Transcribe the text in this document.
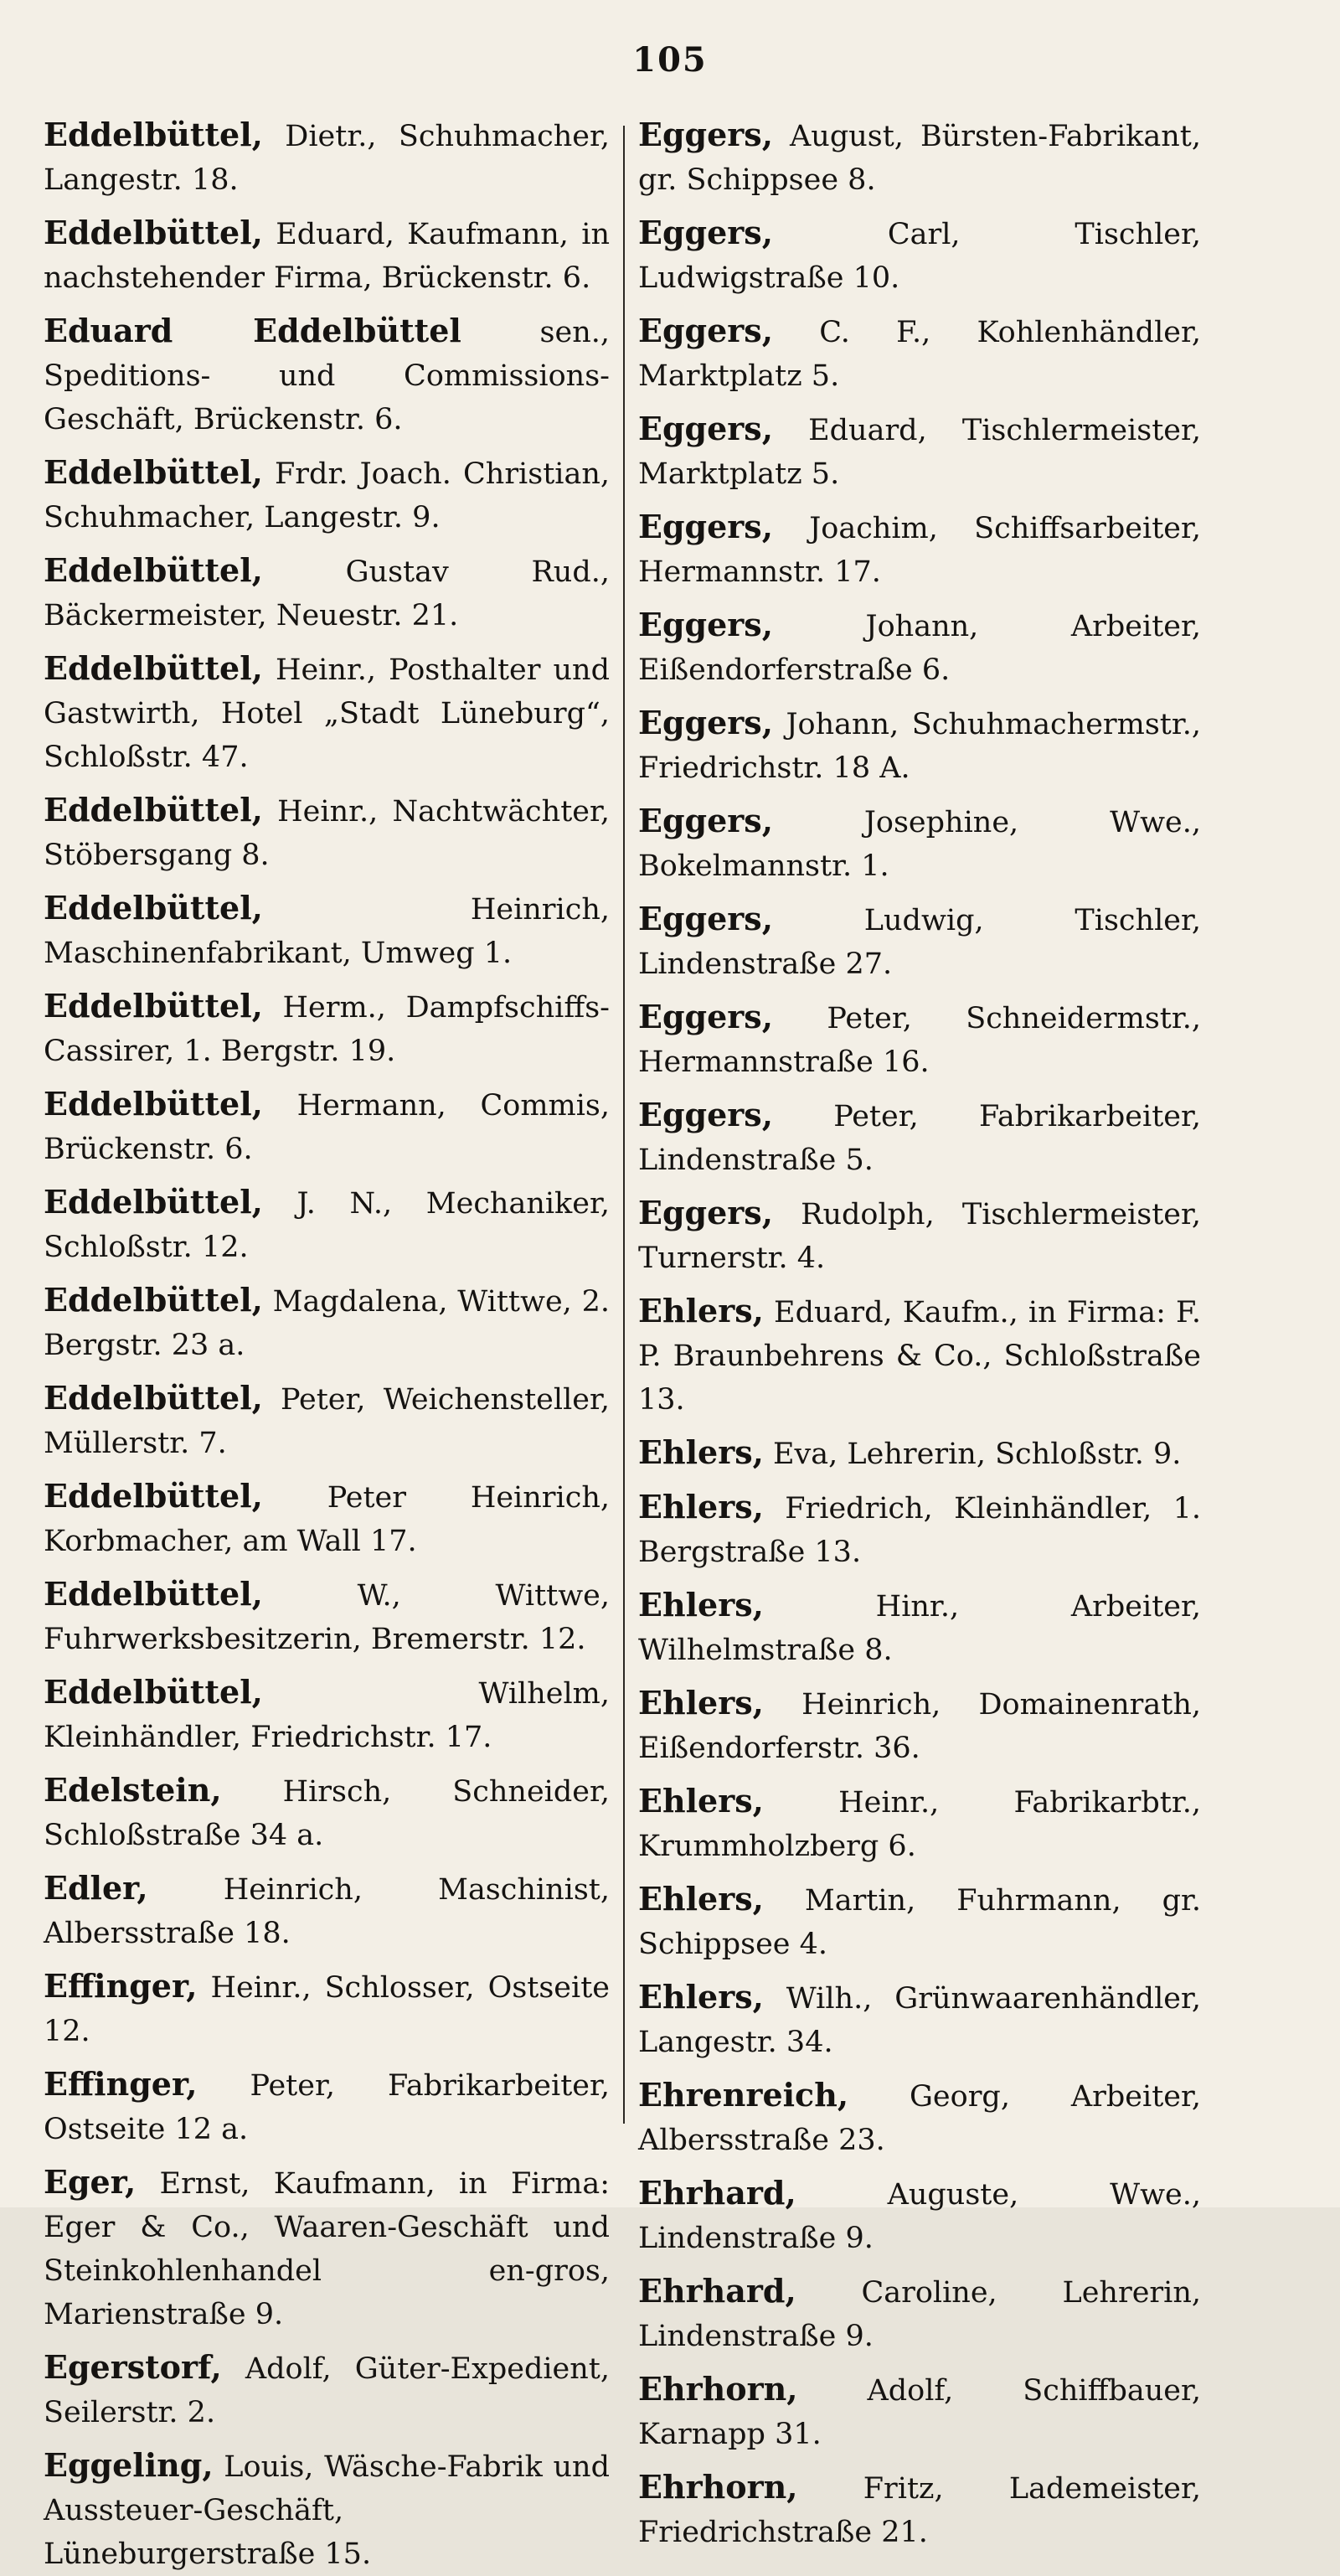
105
Eddelbüttel, Dietr., Schuhmacher, Langestr. 18.
Eddelbüttel, Eduard, Kaufmann, in nachstehender Firma, Brückenstr. 6.
Eduard Eddelbüttel sen., Speditions- und Commissions-Geschäft, Brückenstr. 6.
Eddelbüttel, Frdr. Joach. Christian, Schuhmacher, Langestr. 9.
Eddelbüttel, Gustav Rud., Bäckermeister, Neuestr. 21.
Eddelbüttel, Heinr., Posthalter und Gastwirth, Hotel „Stadt Lüneburg“, Schloßstr. 47.
Eddelbüttel, Heinr., Nachtwächter, Stöbersgang 8.
Eddelbüttel, Heinrich, Maschinenfabrikant, Umweg 1.
Eddelbüttel, Herm., Dampfschiffs-Cassirer, 1. Bergstr. 19.
Eddelbüttel, Hermann, Commis, Brückenstr. 6.
Eddelbüttel, J. N., Mechaniker, Schloßstr. 12.
Eddelbüttel, Magdalena, Wittwe, 2. Bergstr. 23 a.
Eddelbüttel, Peter, Weichensteller, Müllerstr. 7.
Eddelbüttel, Peter Heinrich, Korbmacher, am Wall 17.
Eddelbüttel, W., Wittwe, Fuhrwerksbesitzerin, Bremerstr. 12.
Eddelbüttel, Wilhelm, Kleinhändler, Friedrichstr. 17.
Edelstein, Hirsch, Schneider, Schloßstraße 34 a.
Edler, Heinrich, Maschinist, Albersstraße 18.
Effinger, Heinr., Schlosser, Ostseite 12.
Effinger, Peter, Fabrikarbeiter, Ostseite 12 a.
Eger, Ernst, Kaufmann, in Firma: Eger & Co., Waaren-Geschäft und Steinkohlenhandel en-gros, Marienstraße 9.
Egerstorf, Adolf, Güter-Expedient, Seilerstr. 2.
Eggeling, Louis, Wäsche-Fabrik und Aussteuer-Geschäft, Lüneburgerstraße 15.
Eggers, August, Bürsten-Fabrikant, gr. Schippsee 8.
Eggers, Carl, Tischler, Ludwigstraße 10.
Eggers, C. F., Kohlenhändler, Marktplatz 5.
Eggers, Eduard, Tischlermeister, Marktplatz 5.
Eggers, Joachim, Schiffsarbeiter, Hermannstr. 17.
Eggers, Johann, Arbeiter, Eißendorferstraße 6.
Eggers, Johann, Schuhmachermstr., Friedrichstr. 18 A.
Eggers, Josephine, Wwe., Bokelmannstr. 1.
Eggers, Ludwig, Tischler, Lindenstraße 27.
Eggers, Peter, Schneidermstr., Hermannstraße 16.
Eggers, Peter, Fabrikarbeiter, Lindenstraße 5.
Eggers, Rudolph, Tischlermeister, Turnerstr. 4.
Ehlers, Eduard, Kaufm., in Firma: F. P. Braunbehrens & Co., Schloßstraße 13.
Ehlers, Eva, Lehrerin, Schloßstr. 9.
Ehlers, Friedrich, Kleinhändler, 1. Bergstraße 13.
Ehlers, Hinr., Arbeiter, Wilhelmstraße 8.
Ehlers, Heinrich, Domainenrath, Eißendorferstr. 36.
Ehlers, Heinr., Fabrikarbtr., Krummholzberg 6.
Ehlers, Martin, Fuhrmann, gr. Schippsee 4.
Ehlers, Wilh., Grünwaarenhändler, Langestr. 34.
Ehrenreich, Georg, Arbeiter, Albersstraße 23.
Ehrhard, Auguste, Wwe., Lindenstraße 9.
Ehrhard, Caroline, Lehrerin, Lindenstraße 9.
Ehrhorn, Adolf, Schiffbauer, Karnapp 31.
Ehrhorn, Fritz, Lademeister, Friedrichstraße 21.
